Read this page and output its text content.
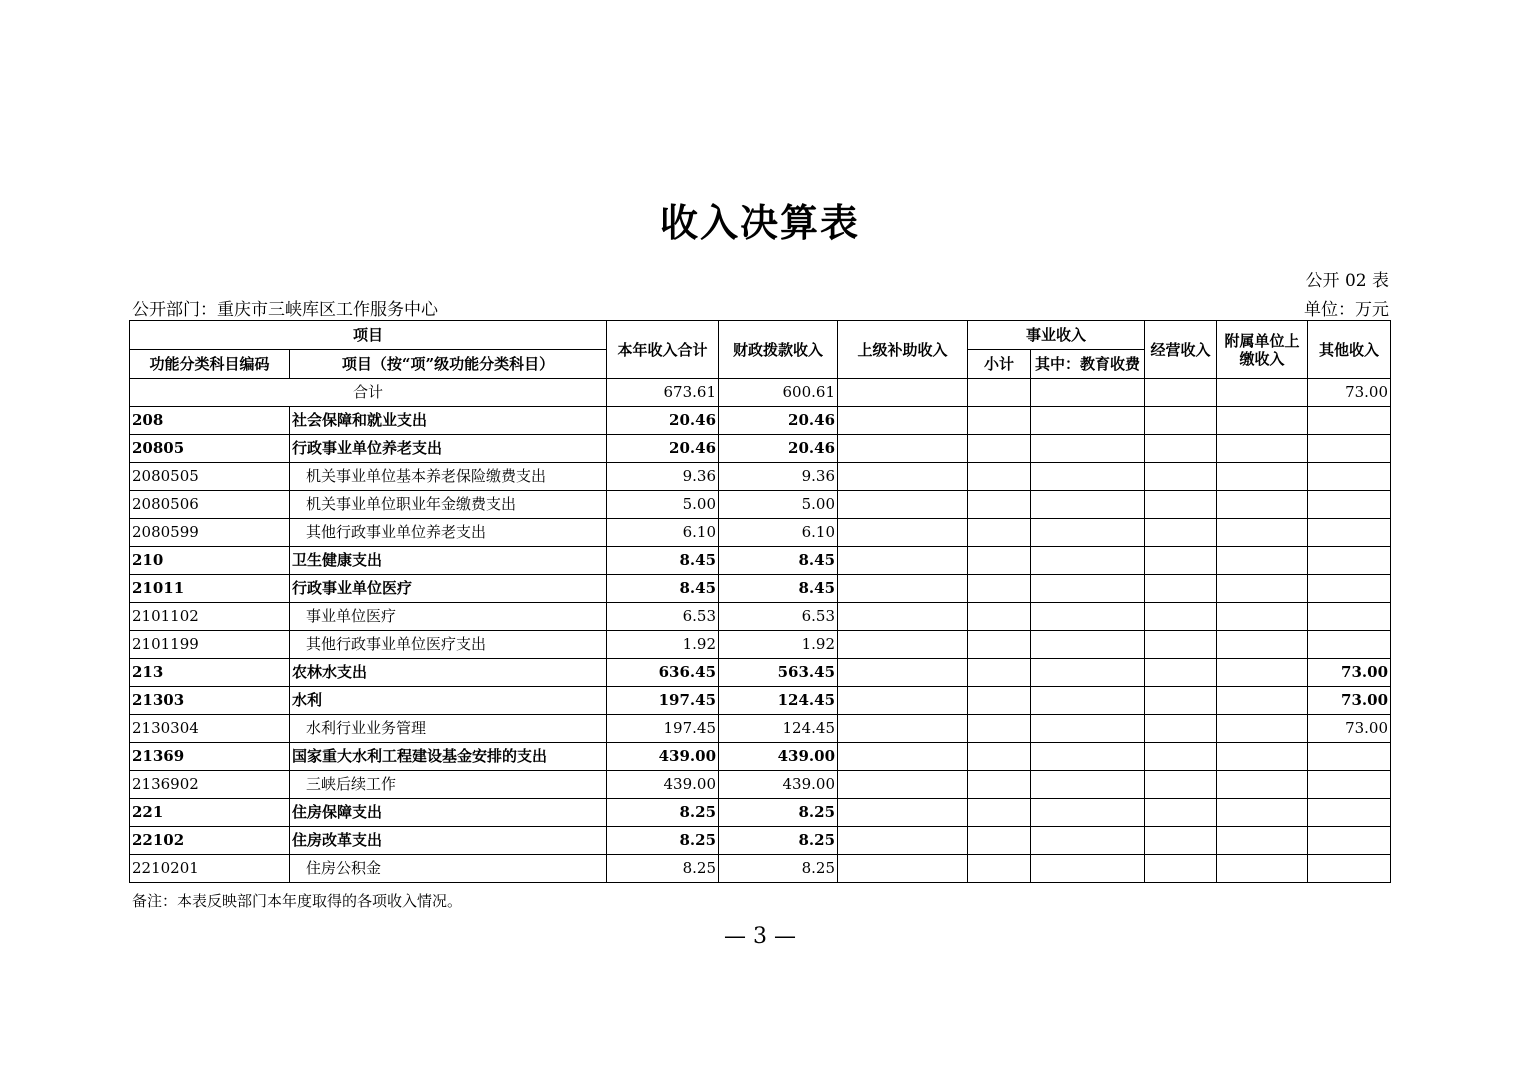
收入决算表
公开 02 表
公开部门：重庆市三峡库区工作服务中心	单位：万元
项目		本年收入合计	财政拨款收入	上级补助收入	事业收入		经营收入	附属单位上缴收入	其他收入
功能分类科目编码	项目（按“项”级功能分类科目）				小计	其中：教育收费			
合计		673.61	600.61						73.00
208	社会保障和就业支出	20.46	20.46						
20805	行政事业单位养老支出	20.46	20.46						
2080505	机关事业单位基本养老保险缴费支出	9.36	9.36						
2080506	机关事业单位职业年金缴费支出	5.00	5.00						
2080599	其他行政事业单位养老支出	6.10	6.10						
210	卫生健康支出	8.45	8.45						
21011	行政事业单位医疗	8.45	8.45						
2101102	事业单位医疗	6.53	6.53						
2101199	其他行政事业单位医疗支出	1.92	1.92						
213	农林水支出	636.45	563.45						73.00
21303	水利	197.45	124.45						73.00
2130304	水利行业业务管理	197.45	124.45						73.00
21369	国家重大水利工程建设基金安排的支出	439.00	439.00						
2136902	三峡后续工作	439.00	439.00						
221	住房保障支出	8.25	8.25						
22102	住房改革支出	8.25	8.25						
2210201	住房公积金	8.25	8.25						
备注：本表反映部门本年度取得的各项收入情况。
— 3 —
